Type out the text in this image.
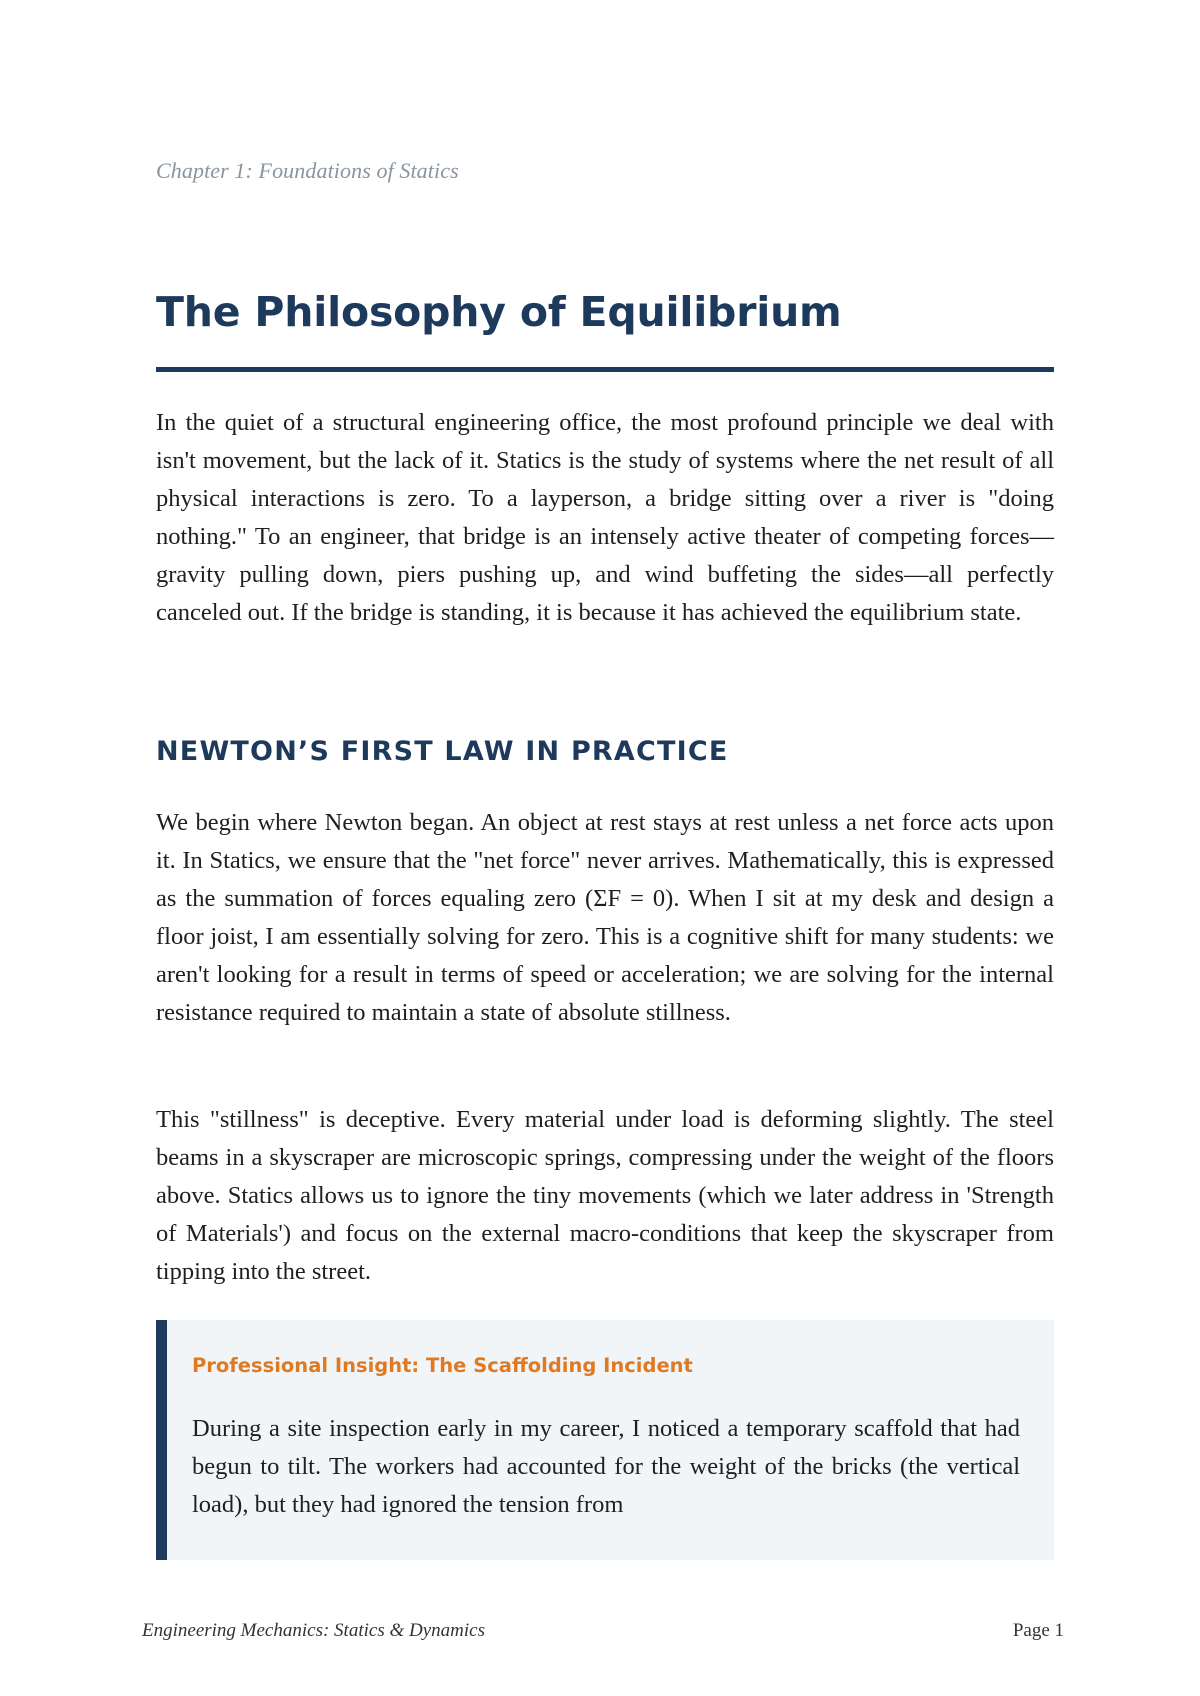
Chapter 1: Foundations of Statics
The Philosophy of Equilibrium

In the quiet of a structural engineering office, the most profound principle we deal with isn't movement, but the lack of it. Statics is the study of systems where the net result of all physical interactions is zero. To a layperson, a bridge sitting over a river is "doing nothing." To an engineer, that bridge is an intensely active theater of competing forces—gravity pulling down, piers pushing up, and wind buffeting the sides—all perfectly canceled out. If the bridge is standing, it is because it has achieved the equilibrium state.

NEWTON’S FIRST LAW IN PRACTICE

We begin where Newton began. An object at rest stays at rest unless a net force acts upon it. In Statics, we ensure that the "net force" never arrives. Mathematically, this is expressed as the summation of forces equaling zero (ΣF = 0). When I sit at my desk and design a floor joist, I am essentially solving for zero. This is a cognitive shift for many students: we aren't looking for a result in terms of speed or acceleration; we are solving for the internal resistance required to maintain a state of absolute stillness.

This "stillness" is deceptive. Every material under load is deforming slightly. The steel beams in a skyscraper are microscopic springs, compressing under the weight of the floors above. Statics allows us to ignore the tiny movements (which we later address in 'Strength of Materials') and focus on the external macro-conditions that keep the skyscraper from tipping into the street.

Professional Insight: The Scaffolding Incident
During a site inspection early in my career, I noticed a temporary scaffold that had begun to tilt. The workers had accounted for the weight of the bricks (the vertical load), but they had ignored the tension from
Engineering Mechanics: Statics & Dynamics	Page 1
